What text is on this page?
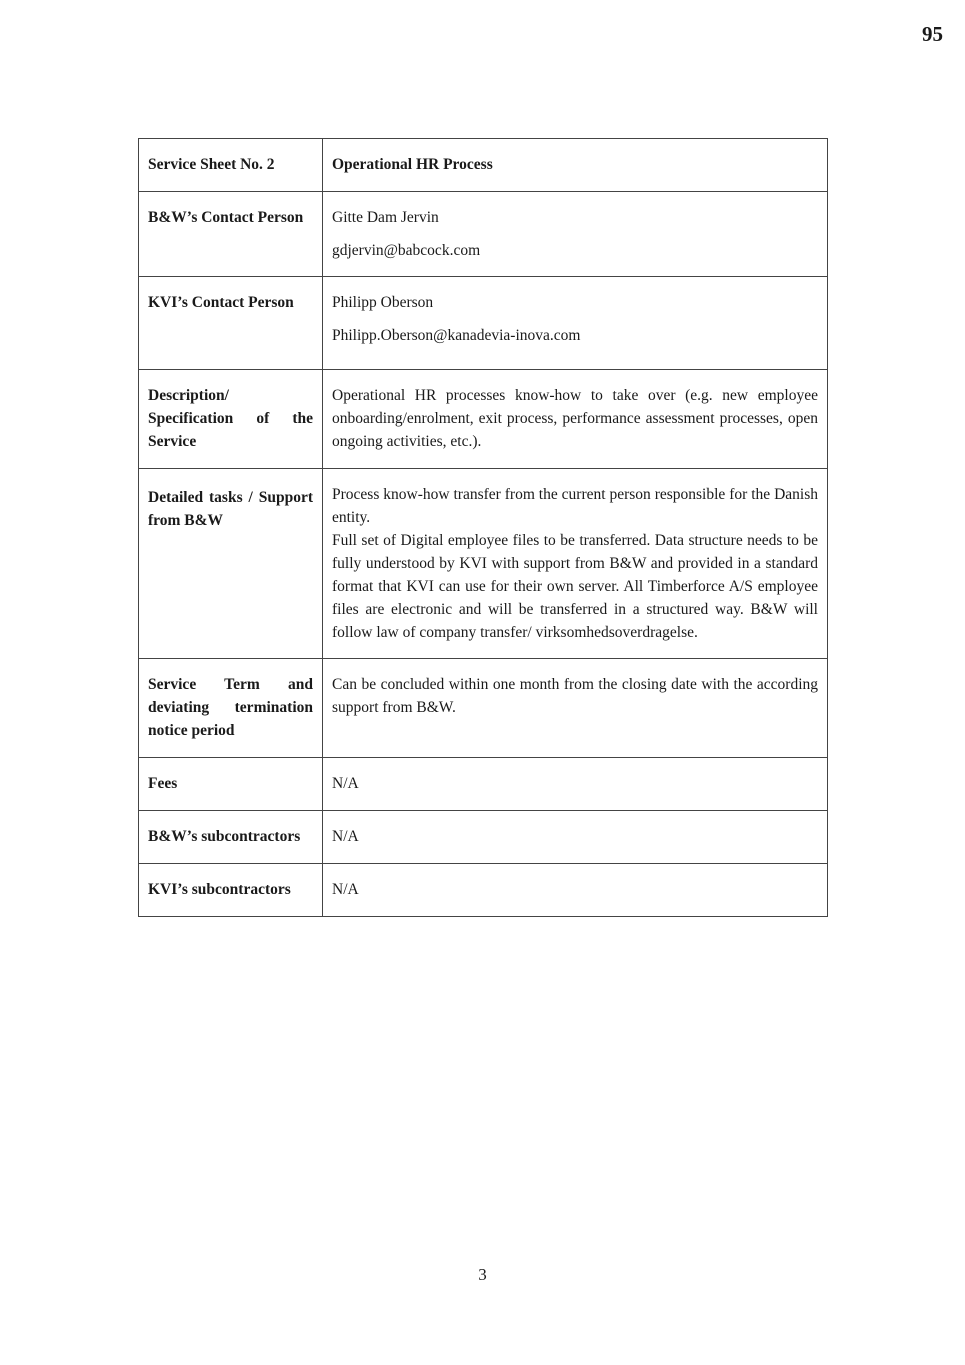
95
Service Sheet No. 2	Operational HR Process
B&W’s Contact Person	Gitte Dam Jervin

gdjervin@babcock.com

KVI’s Contact Person	Philipp Oberson

Philipp.Oberson@kanadevia-inova.com

Description/ Specification of the Service	Operational HR processes know-how to take over (e.g. new employee onboarding/enrolment, exit process, performance assessment processes, open ongoing activities, etc.).
Detailed tasks / Support from B&W	Process know-how transfer from the current person responsible for the Danish entity.
Full set of Digital employee files to be transferred. Data structure needs to be fully understood by KVI with support from B&W and provided in a standard format that KVI can use for their own server. All Timberforce A/S employee files are electronic and will be transferred in a structured way. B&W will follow law of company transfer/ virksomhedsoverdragelse.

Service Term and deviating termination notice period	Can be concluded within one month from the closing date with the according support from B&W.
Fees	N/A
B&W’s subcontractors	N/A
KVI’s subcontractors	N/A
3
